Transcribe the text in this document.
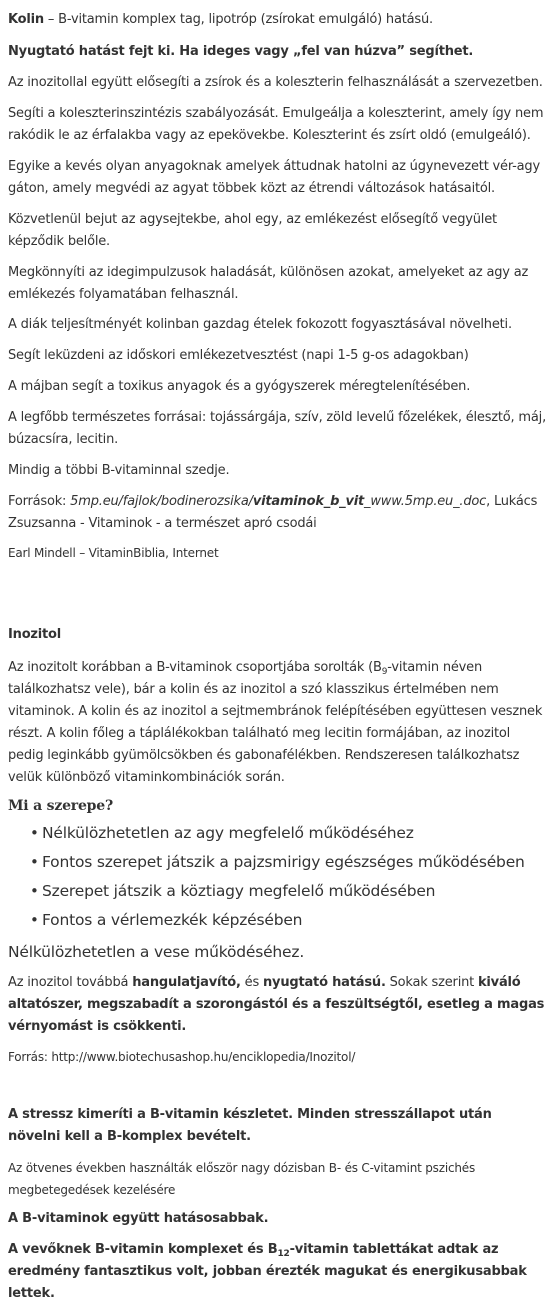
Kolin – B-vitamin komplex tag, lipotróp (zsírokat emulgáló) hatású.

Nyugtató hatást fejt ki. Ha ideges vagy „fel van húzva” segíthet.

Az inozitollal együtt elősegíti a zsírok és a koleszterin felhasználását a szervezetben.

Segíti a koleszterinszintézis szabályozását. Emulgeálja a koleszterint, amely így nem rakódik le az érfalakba vagy az epekövekbe. Koleszterint és zsírt oldó (emulgeáló).

Egyike a kevés olyan anyagoknak amelyek áttudnak hatolni az úgynevezett vér-agy gáton, amely megvédi az agyat többek közt az étrendi változások hatásaitól.

Közvetlenül bejut az agysejtekbe, ahol egy, az emlékezést elősegítő vegyület képződik belőle.

Megkönnyíti az idegimpulzusok haladását, különösen azokat, amelyeket az agy az emlékezés folyamatában felhasznál.

A diák teljesítményét kolinban gazdag ételek fokozott fogyasztásával növelheti.

Segít leküzdeni az időskori emlékezetvesztést (napi 1-5 g-os adagokban)

A májban segít a toxikus anyagok és a gyógyszerek méregtelenítésében.

A legfőbb természetes forrásai: tojássárgája, szív, zöld levelű főzelékek, élesztő, máj, búzacsíra, lecitin.

Mindig a többi B-vitaminnal szedje.

Források: 5mp.eu/fajlok/bodinerozsika/vitaminok_b_vit_www.5mp.eu_.doc, Lukács Zsuzsanna - Vitaminok - a természet apró csodái

Earl Mindell – VitaminBiblia, Internet

Inozitol

Az inozitolt korábban a B-vitaminok csoportjába sorolták ($B_9$-vitamin néven találkozhatsz vele), bár a kolin és az inozitol a szó klasszikus értelmében nem vitaminok. A kolin és az inozitol a sejtmembránok felépítésében együttesen vesznek részt. A kolin főleg a táplálékokban található meg lecitin formájában, az inozitol pedig leginkább gyümölcsökben és gabonafélékben. Rendszeresen találkozhatsz velük különböző vitaminkombinációk során.

Mi a szerepe?

• Nélkülözhetetlen az agy megfelelő működéséhez
• Fontos szerepet játszik a pajzsmirigy egészséges működésében
• Szerepet játszik a köztiagy megfelelő működésében
• Fontos a vérlemezkék képzésében

Nélkülözhetetlen a vese működéséhez.

Az inozitol továbbá hangulatjavító, és nyugtató hatású. Sokak szerint kiváló altatószer, megszabadít a szorongástól és a feszültségtől, esetleg a magas vérnyomást is csökkenti.

Forrás: http://www.biotechusashop.hu/enciklopedia/Inozitol/

A stressz kimeríti a B-vitamin készletet. Minden stresszállapot után növelni kell a B-komplex bevételt.

Az ötvenes években használták először nagy dózisban B- és C-vitamint pszichés megbetegedések kezelésére

A B-vitaminok együtt hatásosabbak.

A vevőknek B-vitamin komplexet és $B_{12}$-vitamin tablettákat adtak az eredmény fantasztikus volt, jobban érezték magukat és energikusabbak lettek.
